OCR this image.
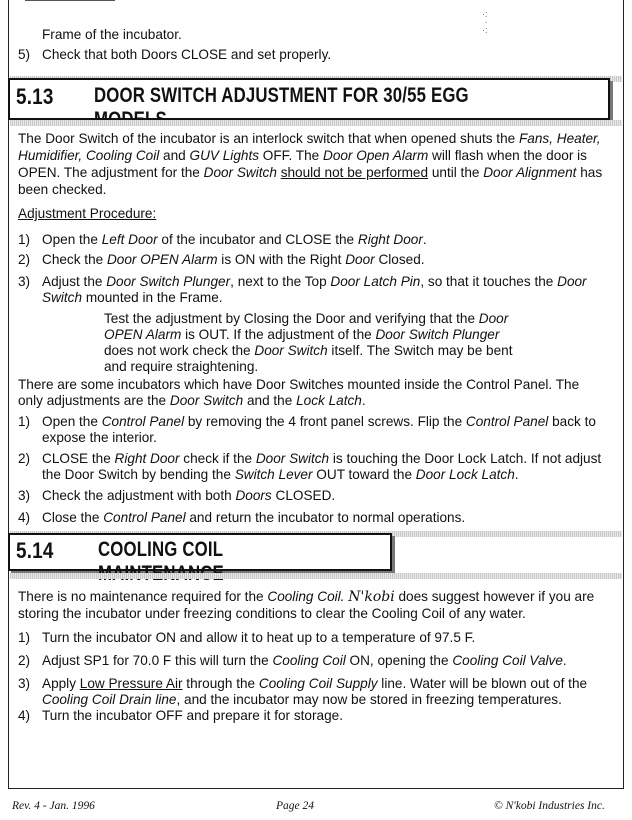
·:
·
·:
Frame of the incubator.
5) Check that both Doors CLOSE and set properly.
5.13 DOOR SWITCH ADJUSTMENT FOR 30/55 EGG
The Door Switch of the incubator is an interlock switch that when opened shuts the Fans, Heater,
Humidifier, Cooling Coil and GUV Lights OFF. The Door Open Alarm will flash when the door is
OPEN. The adjustment for the Door Switch should not be performed until the Door Alignment has
been checked.
Adjustment Procedure:
1) Open the Left Door of the incubator and CLOSE the Right Door.
2) Check the Door OPEN Alarm is ON with the Right Door Closed.
3) Adjust the Door Switch Plunger, next to the Top Door Latch Pin, so that it touches the Door
Switch mounted in the Frame.
Test the adjustment by Closing the Door and verifying that the Door
OPEN Alarm is OUT. If the adjustment of the Door Switch Plunger
does not work check the Door Switch itself. The Switch may be bent
and require straightening.
There are some incubators which have Door Switches mounted inside the Control Panel. The
only adjustments are the Door Switch and the Lock Latch.
1) Open the Control Panel by removing the 4 front panel screws. Flip the Control Panel back to
expose the interior.
2) CLOSE the Right Door check if the Door Switch is touching the Door Lock Latch. If not adjust
the Door Switch by bending the Switch Lever OUT toward the Door Lock Latch.
3) Check the adjustment with both Doors CLOSED.
4) Close the Control Panel and return the incubator to normal operations.
5.14 COOLING COIL
There is no maintenance required for the Cooling Coil. N'kobi does suggest however if you are
storing the incubator under freezing conditions to clear the Cooling Coil of any water.
1) Turn the incubator ON and allow it to heat up to a temperature of 97.5 F.
2) Adjust SP1 for 70.0 F this will turn the Cooling Coil ON, opening the Cooling Coil Valve.
3) Apply Low Pressure Air through the Cooling Coil Supply line. Water will be blown out of the
Cooling Coil Drain line, and the incubator may now be stored in freezing temperatures.
4) Turn the incubator OFF and prepare it for storage.
Rev. 4 - Jan. 1996	Page 24	© N'kobi Industries Inc.
